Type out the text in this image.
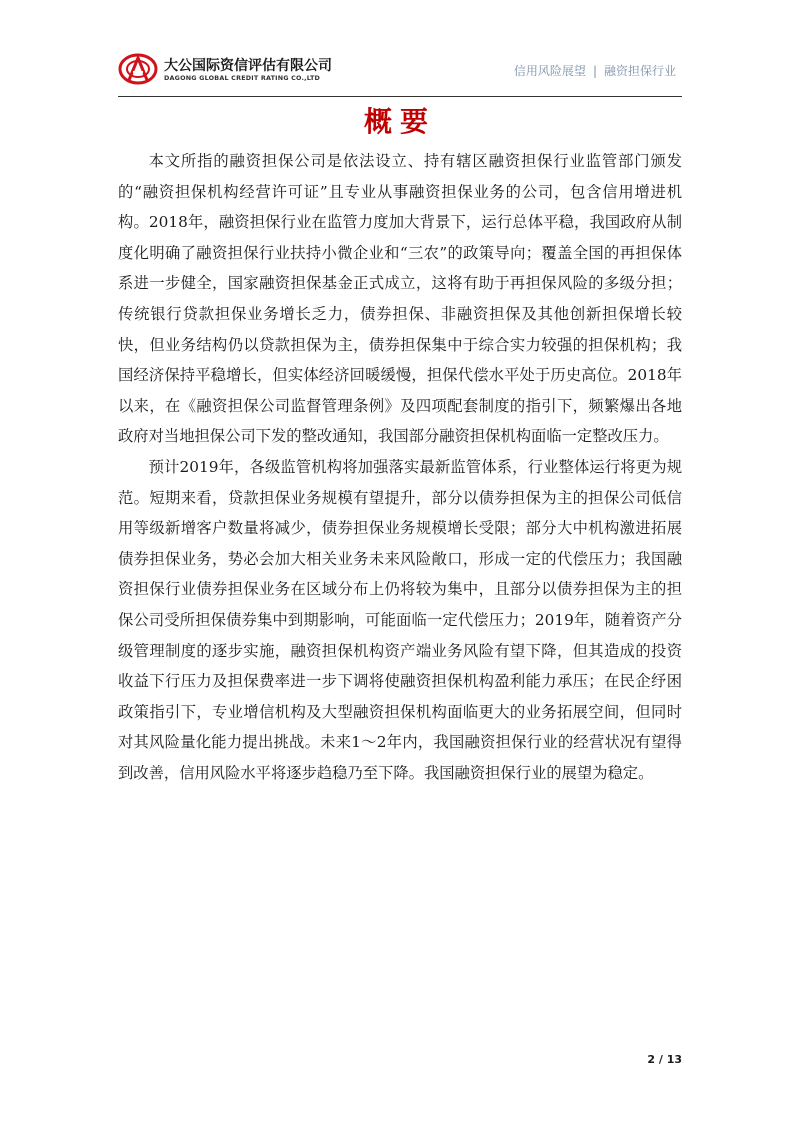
大公国际资信评估有限公司
DAGONG GLOBAL CREDIT RATING CO.,LTD	信用风险展望 | 融资担保行业
概要

本文所指的融资担保公司是依法设立、持有辖区融资担保行业监管部门颁发的“融资担保机构经营许可证”且专业从事融资担保业务的公司，包含信用增进机构。2018年，融资担保行业在监管力度加大背景下，运行总体平稳，我国政府从制度化明确了融资担保行业扶持小微企业和“三农”的政策导向；覆盖全国的再担保体系进一步健全，国家融资担保基金正式成立，这将有助于再担保风险的多级分担；传统银行贷款担保业务增长乏力，债券担保、非融资担保及其他创新担保增长较快，但业务结构仍以贷款担保为主，债券担保集中于综合实力较强的担保机构；我国经济保持平稳增长，但实体经济回暖缓慢，担保代偿水平处于历史高位。2018年以来，在《融资担保公司监督管理条例》及四项配套制度的指引下，频繁爆出各地政府对当地担保公司下发的整改通知，我国部分融资担保机构面临一定整改压力。

预计2019年，各级监管机构将加强落实最新监管体系，行业整体运行将更为规范。短期来看，贷款担保业务规模有望提升，部分以债券担保为主的担保公司低信用等级新增客户数量将减少，债券担保业务规模增长受限；部分大中机构激进拓展债券担保业务，势必会加大相关业务未来风险敞口，形成一定的代偿压力；我国融资担保行业债券担保业务在区域分布上仍将较为集中，且部分以债券担保为主的担保公司受所担保债券集中到期影响，可能面临一定代偿压力；2019年，随着资产分级管理制度的逐步实施，融资担保机构资产端业务风险有望下降，但其造成的投资收益下行压力及担保费率进一步下调将使融资担保机构盈利能力承压；在民企纾困政策指引下，专业增信机构及大型融资担保机构面临更大的业务拓展空间，但同时对其风险量化能力提出挑战。未来1～2年内，我国融资担保行业的经营状况有望得到改善，信用风险水平将逐步趋稳乃至下降。我国融资担保行业的展望为稳定。

2 / 13
